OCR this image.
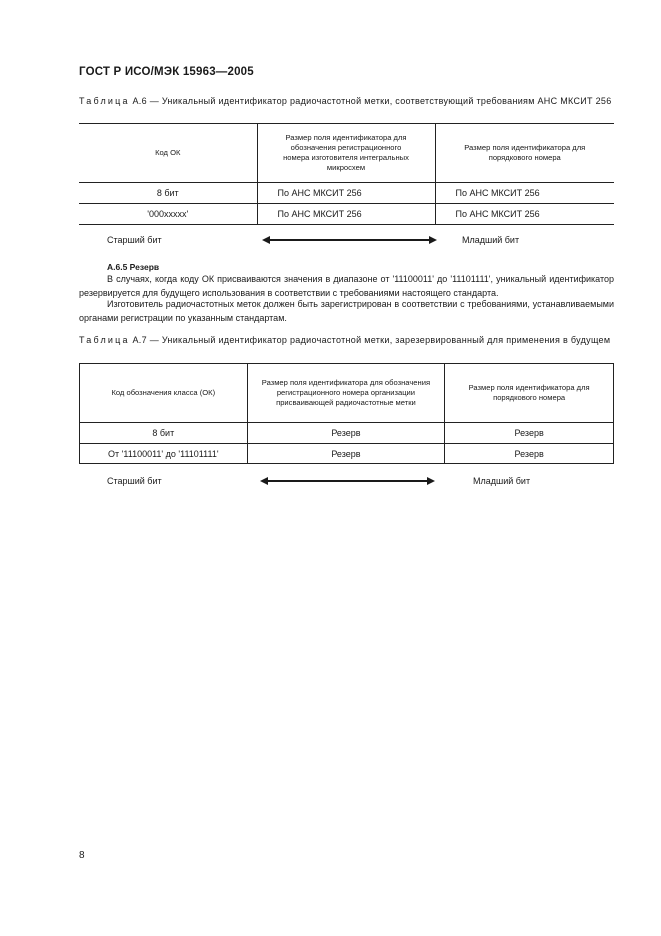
ГОСТ Р ИСО/МЭК 15963—2005
Таблица А.6 — Уникальный идентификатор радиочастотной метки, соответствующий требованиям АНС МКСИТ 256
Код ОК	Размер поля идентификатора для обозначения регистрационного номера изготовителя интегральных микросхем	Размер поля идентификатора для порядкового номера
8 бит	По АНС МКСИТ 256	По АНС МКСИТ 256
'000xxxxx'	По АНС МКСИТ 256	По АНС МКСИТ 256
Старший бит	Младший бит
А.6.5 Резерв
В случаях, когда коду ОК присваиваются значения в диапазоне от '11100011' до '11101111', уникальный идентификатор резервируется для будущего использования в соответствии с требованиями настоящего стандарта.
Изготовитель радиочастотных меток должен быть зарегистрирован в соответствии с требованиями, устанавливаемыми органами регистрации по указанным стандартам.
Таблица А.7 — Уникальный идентификатор радиочастотной метки, зарезервированный для применения в будущем
Код обозначения класса (ОК)	Размер поля идентификатора для обозначения регистрационного номера организации присваивающей радиочастотные метки	Размер поля идентификатора для порядкового номера
8 бит	Резерв	Резерв
От '11100011' до '11101111'	Резерв	Резерв
Старший бит	Младший бит
8
